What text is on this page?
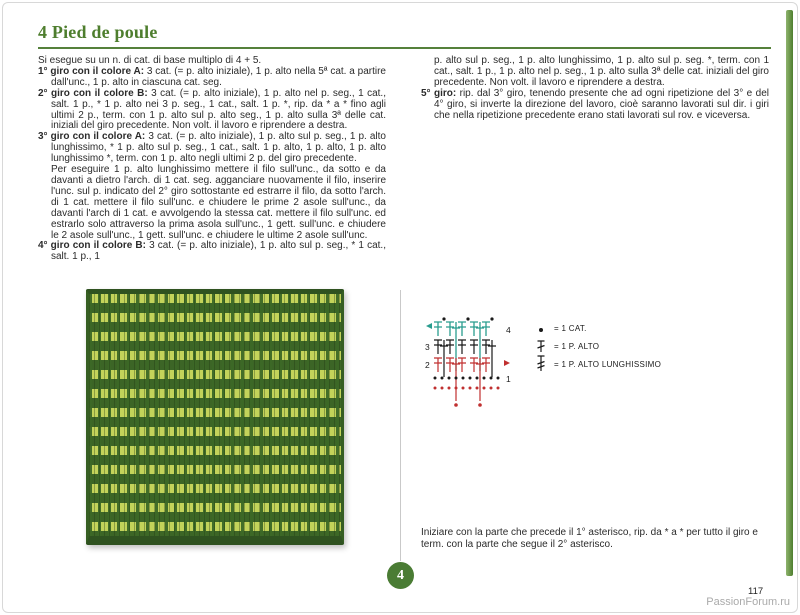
4 Pied de poule

Si esegue su un n. di cat. di base multiplo di 4 + 5.

1° giro con il colore A: 3 cat. (= p. alto iniziale), 1 p. alto nella 5ª cat. a partire dall'unc., 1 p. alto in ciascuna cat. seg.

2° giro con il colore B: 3 cat. (= p. alto iniziale), 1 p. alto nel p. seg., 1 cat., salt. 1 p., * 1 p. alto nei 3 p. seg., 1 cat., salt. 1 p. *, rip. da * a * fino agli ultimi 2 p., term. con 1 p. alto sul p. alto seg., 1 p. alto sulla 3ª delle cat. iniziali del giro precedente. Non volt. il lavoro e riprendere a destra.

3° giro con il colore A: 3 cat. (= p. alto iniziale), 1 p. alto sul p. seg., 1 p. alto lunghissimo, * 1 p. alto sul p. seg., 1 cat., salt. 1 p. alto, 1 p. alto, 1 p. alto lunghissimo *, term. con 1 p. alto negli ultimi 2 p. del giro precedente.

Per eseguire 1 p. alto lunghissimo mettere il filo sull'unc., da sotto e da davanti a dietro l'arch. di 1 cat. seg. agganciare nuovamente il filo, inserire l'unc. sul p. indicato del 2° giro sottostante ed estrarre il filo, da sotto l'arch. di 1 cat. mettere il filo sull'unc. e chiudere le prime 2 asole sull'unc., da davanti l'arch di 1 cat. e avvolgendo la stessa cat. mettere il filo sull'unc. ed estrarlo solo attraverso la prima asola sull'unc., 1 gett. sull'unc. e chiudere le 2 asole sull'unc., 1 gett. sull'unc. e chiudere le ultime 2 asole sull'unc.

4° giro con il colore B: 3 cat. (= p. alto iniziale), 1 p. alto sul p. seg., * 1 cat., salt. 1 p., 1

p. alto sul p. seg., 1 p. alto lunghissimo, 1 p. alto sul p. seg. *, term. con 1 cat., salt. 1 p., 1 p. alto nel p. seg., 1 p. alto sulla 3ª delle cat. iniziali del giro precedente. Non volt. il lavoro e riprendere a destra.

5° giro: rip. dal 3° giro, tenendo presente che ad ogni ripetizione del 3° e del 4° giro, si inverte la direzione del lavoro, cioè saranno lavorati sul dir. i giri che nella ripetizione precedente erano stati lavorati sul rov. e viceversa.

4
3
2
1
= 1 CAT.
= 1 P. ALTO
= 1 P. ALTO LUNGHISSIMO

Iniziare con la parte che precede il 1° asterisco, rip. da * a * per tutto il giro e term. con la parte che segue il 2° asterisco.

4
117
PassionForum.ru
